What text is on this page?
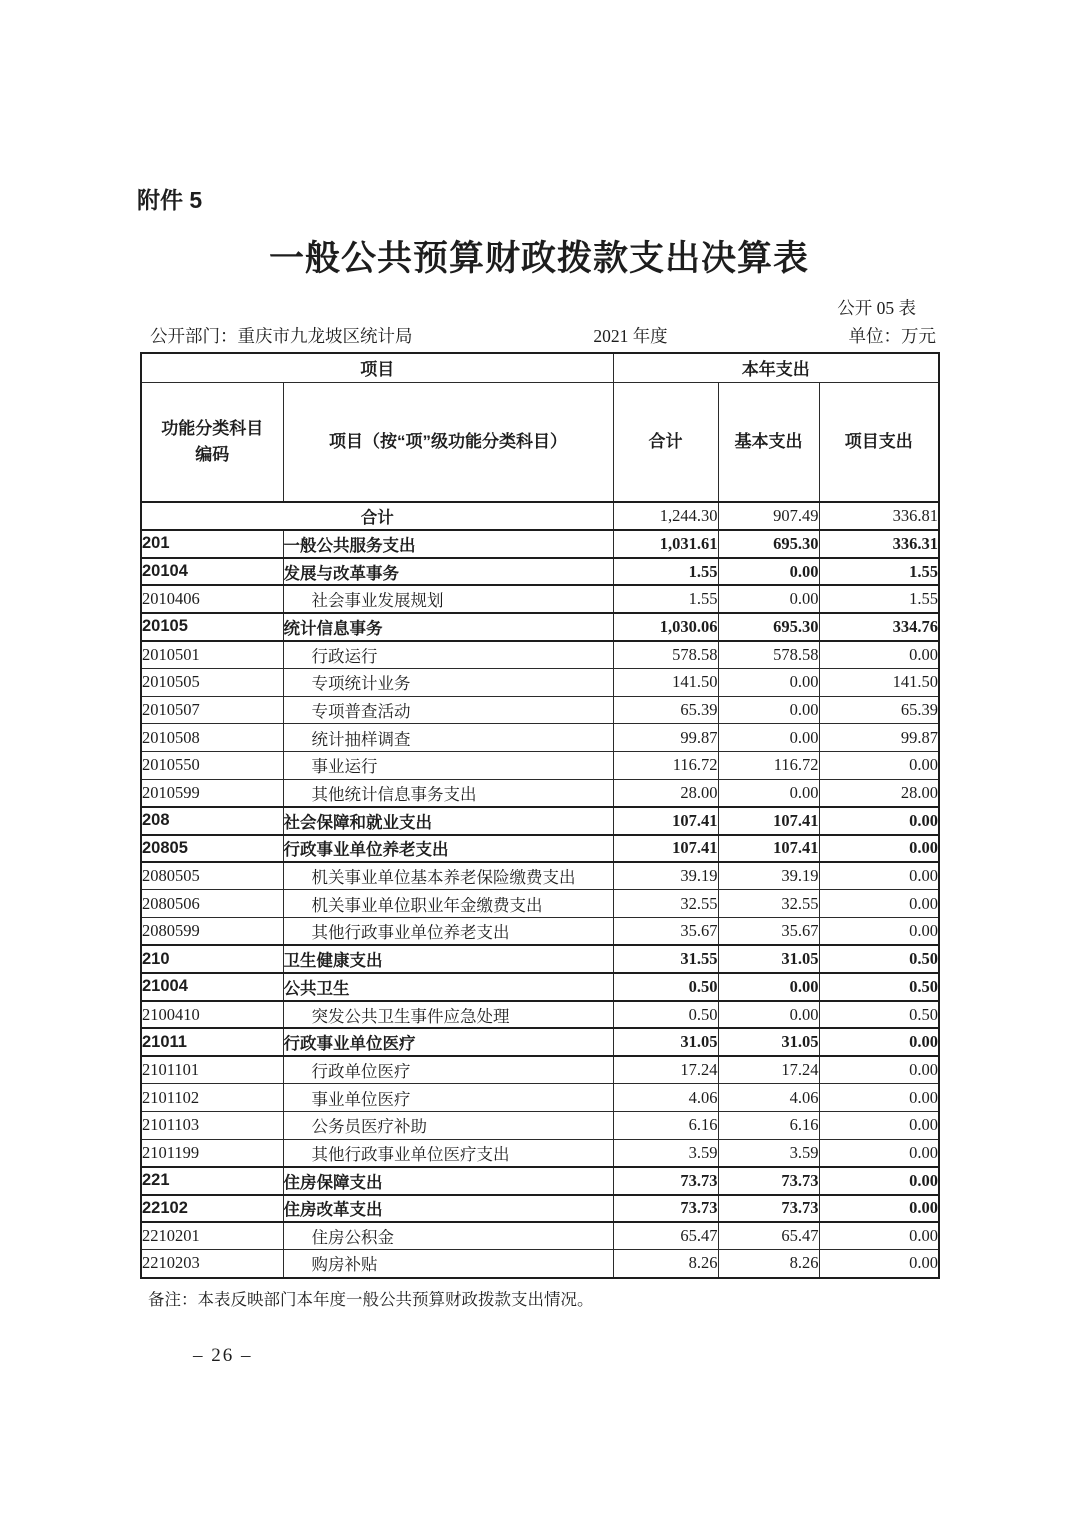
附件 5
一般公共预算财政拨款支出决算表
公开 05 表
公开部门：重庆市九龙坡区统计局	2021 年度	单位：万元
项目		本年支出		
功能分类科目
编码	项目（按“项”级功能分类科目）	合计	基本支出	项目支出
合计		1,244.30	907.49	336.81
201	一般公共服务支出	1,031.61	695.30	336.31
20104	发展与改革事务	1.55	0.00	1.55
2010406	社会事业发展规划	1.55	0.00	1.55
20105	统计信息事务	1,030.06	695.30	334.76
2010501	行政运行	578.58	578.58	0.00
2010505	专项统计业务	141.50	0.00	141.50
2010507	专项普查活动	65.39	0.00	65.39
2010508	统计抽样调查	99.87	0.00	99.87
2010550	事业运行	116.72	116.72	0.00
2010599	其他统计信息事务支出	28.00	0.00	28.00
208	社会保障和就业支出	107.41	107.41	0.00
20805	行政事业单位养老支出	107.41	107.41	0.00
2080505	机关事业单位基本养老保险缴费支出	39.19	39.19	0.00
2080506	机关事业单位职业年金缴费支出	32.55	32.55	0.00
2080599	其他行政事业单位养老支出	35.67	35.67	0.00
210	卫生健康支出	31.55	31.05	0.50
21004	公共卫生	0.50	0.00	0.50
2100410	突发公共卫生事件应急处理	0.50	0.00	0.50
21011	行政事业单位医疗	31.05	31.05	0.00
2101101	行政单位医疗	17.24	17.24	0.00
2101102	事业单位医疗	4.06	4.06	0.00
2101103	公务员医疗补助	6.16	6.16	0.00
2101199	其他行政事业单位医疗支出	3.59	3.59	0.00
221	住房保障支出	73.73	73.73	0.00
22102	住房改革支出	73.73	73.73	0.00
2210201	住房公积金	65.47	65.47	0.00
2210203	购房补贴	8.26	8.26	0.00
备注：本表反映部门本年度一般公共预算财政拨款支出情况。
– 26 –
